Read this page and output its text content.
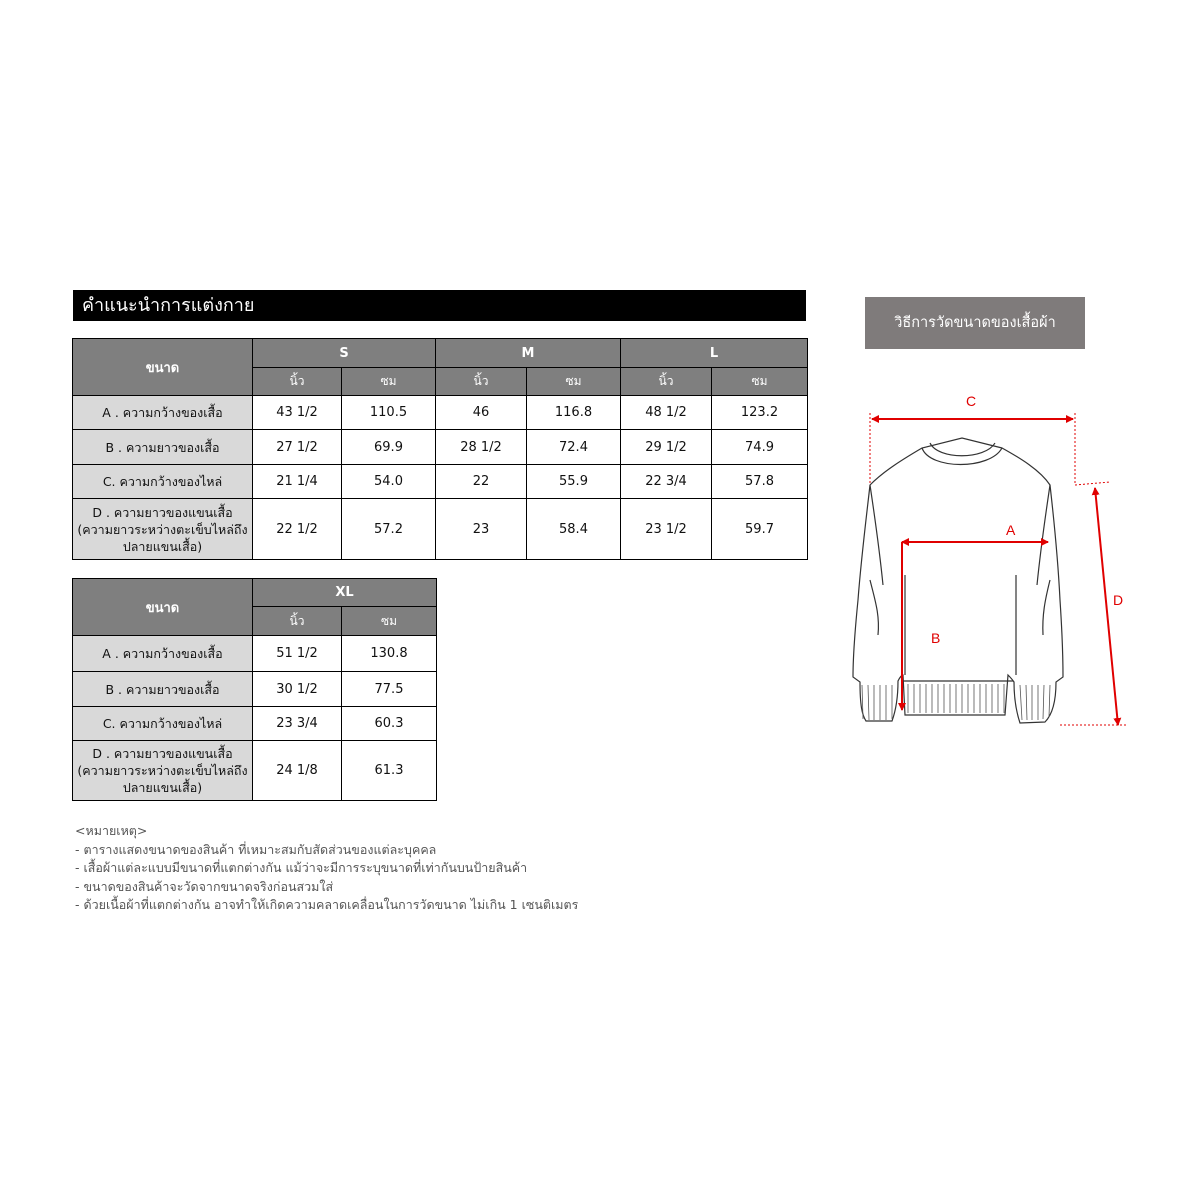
คำแนะนำการแต่งกาย
ขนาด	S		M		L	
	นิ้ว	ซม	นิ้ว	ซม	นิ้ว	ซม
A . ความกว้างของเสื้อ	43 1/2	110.5	46	116.8	48 1/2	123.2
B . ความยาวของเสื้อ	27 1/2	69.9	28 1/2	72.4	29 1/2	74.9
C. ความกว้างของไหล่	21 1/4	54.0	22	55.9	22 3/4	57.8

D . ความยาวของแขนเสื้อ
(ความยาวระหว่างตะเข็บไหล่ถึง
ปลายแขนเสื้อ)	22 1/2	57.2	23	58.4	23 1/2	59.7
ขนาด	XL	
	นิ้ว	ซม
A . ความกว้างของเสื้อ	51 1/2	130.8
B . ความยาวของเสื้อ	30 1/2	77.5
C. ความกว้างของไหล่	23 3/4	60.3

D . ความยาวของแขนเสื้อ
(ความยาวระหว่างตะเข็บไหล่ถึง
ปลายแขนเสื้อ)	24 1/8	61.3
<หมายเหตุ>
- ตารางแสดงขนาดของสินค้า ที่เหมาะสมกับสัดส่วนของแต่ละบุคคล
- เสื้อผ้าแต่ละแบบมีขนาดที่แตกต่างกัน แม้ว่าจะมีการระบุขนาดที่เท่ากันบนป้ายสินค้า
- ขนาดของสินค้าจะวัดจากขนาดจริงก่อนสวมใส่
- ด้วยเนื้อผ้าที่แตกต่างกัน อาจทำให้เกิดความคลาดเคลื่อนในการวัดขนาด ไม่เกิน 1 เซนติเมตร
วิธีการวัดขนาดของเสื้อผ้า
C
A
B
D
